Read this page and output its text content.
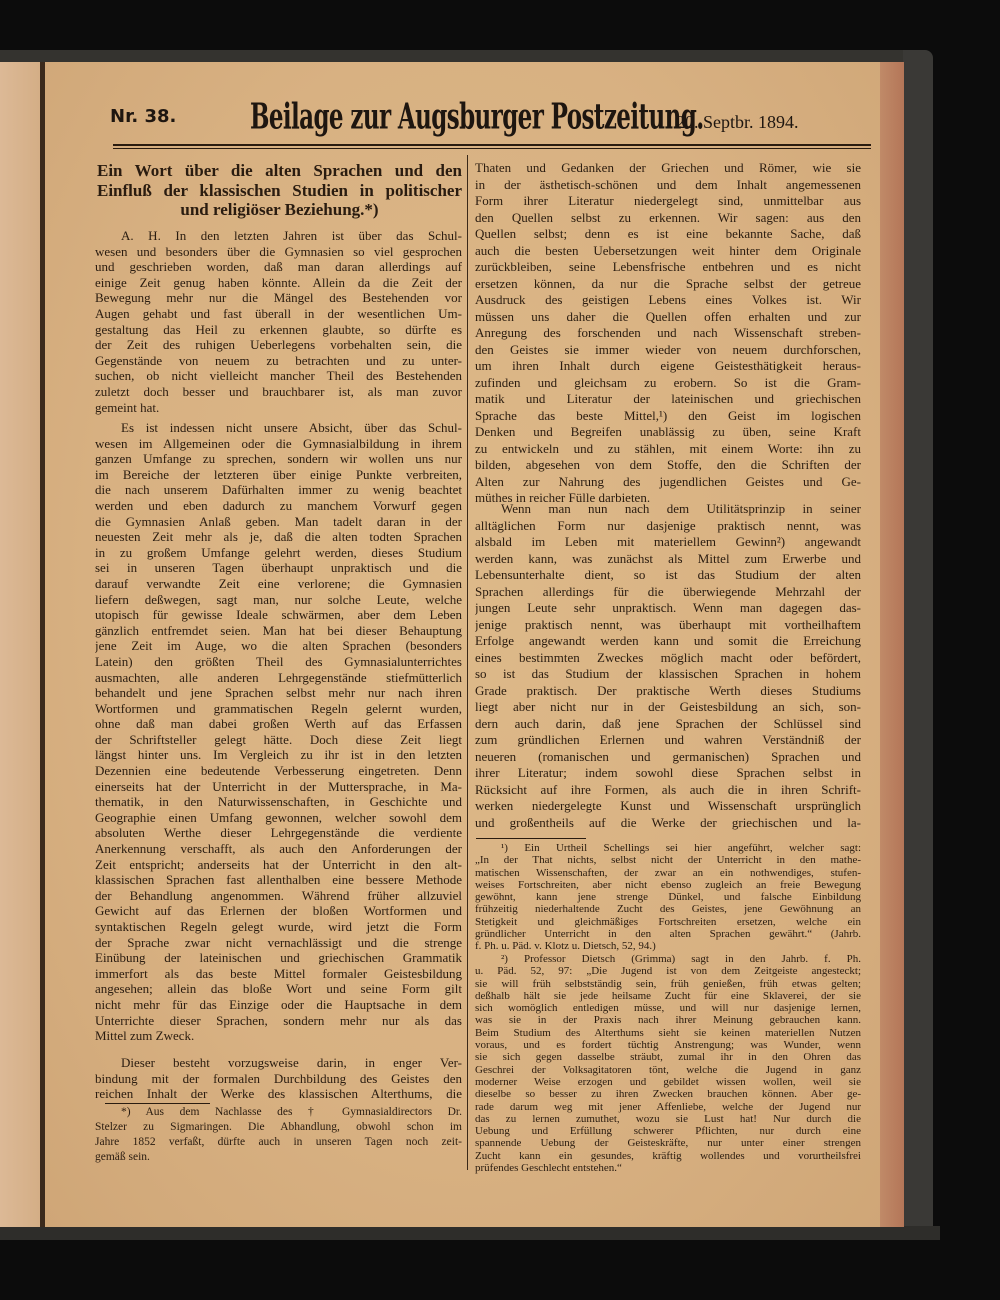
Nr. 38.	Beilage zur Augsburger Postzeitung.
20. Septbr. 1894.
Ein Wort über die alten Sprachen und den
Einfluß der klassischen Studien in politischer
und religiöser Beziehung.*)
A. H. In den letzten Jahren ist über das Schul-
wesen und besonders über die Gymnasien so viel gesprochen
und geschrieben worden, daß man daran allerdings auf
einige Zeit genug haben könnte. Allein da die Zeit der
Bewegung mehr nur die Mängel des Bestehenden vor
Augen gehabt und fast überall in der wesentlichen Um-
gestaltung das Heil zu erkennen glaubte, so dürfte es
der Zeit des ruhigen Ueberlegens vorbehalten sein, die
Gegenstände von neuem zu betrachten und zu unter-
suchen, ob nicht vielleicht mancher Theil des Bestehenden
zuletzt doch besser und brauchbarer ist, als man zuvor
gemeint hat.
Es ist indessen nicht unsere Absicht, über das Schul-
wesen im Allgemeinen oder die Gymnasialbildung in ihrem
ganzen Umfange zu sprechen, sondern wir wollen uns nur
im Bereiche der letzteren über einige Punkte verbreiten,
die nach unserem Dafürhalten immer zu wenig beachtet
werden und eben dadurch zu manchem Vorwurf gegen
die Gymnasien Anlaß geben. Man tadelt daran in der
neuesten Zeit mehr als je, daß die alten todten Sprachen
in zu großem Umfange gelehrt werden, dieses Studium
sei in unseren Tagen überhaupt unpraktisch und die
darauf verwandte Zeit eine verlorene; die Gymnasien
liefern deßwegen, sagt man, nur solche Leute, welche
utopisch für gewisse Ideale schwärmen, aber dem Leben
gänzlich entfremdet seien. Man hat bei dieser Behauptung
jene Zeit im Auge, wo die alten Sprachen (besonders
Latein) den größten Theil des Gymnasialunterrichtes
ausmachten, alle anderen Lehrgegenstände stiefmütterlich
behandelt und jene Sprachen selbst mehr nur nach ihren
Wortformen und grammatischen Regeln gelernt wurden,
ohne daß man dabei großen Werth auf das Erfassen
der Schriftsteller gelegt hätte. Doch diese Zeit liegt
längst hinter uns. Im Vergleich zu ihr ist in den letzten
Dezennien eine bedeutende Verbesserung eingetreten. Denn
einerseits hat der Unterricht in der Muttersprache, in Ma-
thematik, in den Naturwissenschaften, in Geschichte und
Geographie einen Umfang gewonnen, welcher sowohl dem
absoluten Werthe dieser Lehrgegenstände die verdiente
Anerkennung verschafft, als auch den Anforderungen der
Zeit entspricht; anderseits hat der Unterricht in den alt-
klassischen Sprachen fast allenthalben eine bessere Methode
der Behandlung angenommen. Während früher allzuviel
Gewicht auf das Erlernen der bloßen Wortformen und
syntaktischen Regeln gelegt wurde, wird jetzt die Form
der Sprache zwar nicht vernachlässigt und die strenge
Einübung der lateinischen und griechischen Grammatik
immerfort als das beste Mittel formaler Geistesbildung
angesehen; allein das bloße Wort und seine Form gilt
nicht mehr für das Einzige oder die Hauptsache in dem
Unterrichte dieser Sprachen, sondern mehr nur als das
Mittel zum Zweck.
Dieser besteht vorzugsweise darin, in enger Ver-
bindung mit der formalen Durchbildung des Geistes den
reichen Inhalt der Werke des klassischen Alterthums, die
*) Aus dem Nachlasse des † Gymnasialdirectors Dr.
Stelzer zu Sigmaringen. Die Abhandlung, obwohl schon im
Jahre 1852 verfaßt, dürfte auch in unseren Tagen noch zeit-
gemäß sein.
Thaten und Gedanken der Griechen und Römer, wie sie
in der ästhetisch-schönen und dem Inhalt angemessenen
Form ihrer Literatur niedergelegt sind, unmittelbar aus
den Quellen selbst zu erkennen. Wir sagen: aus den
Quellen selbst; denn es ist eine bekannte Sache, daß
auch die besten Uebersetzungen weit hinter dem Originale
zurückbleiben, seine Lebensfrische entbehren und es nicht
ersetzen können, da nur die Sprache selbst der getreue
Ausdruck des geistigen Lebens eines Volkes ist. Wir
müssen uns daher die Quellen offen erhalten und zur
Anregung des forschenden und nach Wissenschaft streben-
den Geistes sie immer wieder von neuem durchforschen,
um ihren Inhalt durch eigene Geistesthätigkeit heraus-
zufinden und gleichsam zu erobern. So ist die Gram-
matik und Literatur der lateinischen und griechischen
Sprache das beste Mittel,¹) den Geist im logischen
Denken und Begreifen unablässig zu üben, seine Kraft
zu entwickeln und zu stählen, mit einem Worte: ihn zu
bilden, abgesehen von dem Stoffe, den die Schriften der
Alten zur Nahrung des jugendlichen Geistes und Ge-
müthes in reicher Fülle darbieten.
Wenn man nun nach dem Utilitätsprinzip in seiner
alltäglichen Form nur dasjenige praktisch nennt, was
alsbald im Leben mit materiellem Gewinn²) angewandt
werden kann, was zunächst als Mittel zum Erwerbe und
Lebensunterhalte dient, so ist das Studium der alten
Sprachen allerdings für die überwiegende Mehrzahl der
jungen Leute sehr unpraktisch. Wenn man dagegen das-
jenige praktisch nennt, was überhaupt mit vortheilhaftem
Erfolge angewandt werden kann und somit die Erreichung
eines bestimmten Zweckes möglich macht oder befördert,
so ist das Studium der klassischen Sprachen in hohem
Grade praktisch. Der praktische Werth dieses Studiums
liegt aber nicht nur in der Geistesbildung an sich, son-
dern auch darin, daß jene Sprachen der Schlüssel sind
zum gründlichen Erlernen und wahren Verständniß der
neueren (romanischen und germanischen) Sprachen und
ihrer Literatur; indem sowohl diese Sprachen selbst in
Rücksicht auf ihre Formen, als auch die in ihren Schrift-
werken niedergelegte Kunst und Wissenschaft ursprünglich
und großentheils auf die Werke der griechischen und la-
¹) Ein Urtheil Schellings sei hier angeführt, welcher sagt:
„In der That nichts, selbst nicht der Unterricht in den mathe-
matischen Wissenschaften, der zwar an ein nothwendiges, stufen-
weises Fortschreiten, aber nicht ebenso zugleich an freie Bewegung
gewöhnt, kann jene strenge Dünkel, und falsche Einbildung
frühzeitig niederhaltende Zucht des Geistes, jene Gewöhnung an
Stetigkeit und gleichmäßiges Fortschreiten ersetzen, welche ein
gründlicher Unterricht in den alten Sprachen gewährt.“ (Jahrb.
f. Ph. u. Päd. v. Klotz u. Dietsch, 52, 94.)
²) Professor Dietsch (Grimma) sagt in den Jahrb. f. Ph.
u. Päd. 52, 97: „Die Jugend ist von dem Zeitgeiste angesteckt;
sie will früh selbstständig sein, früh genießen, früh etwas gelten;
deßhalb hält sie jede heilsame Zucht für eine Sklaverei, der sie
sich womöglich entledigen müsse, und will nur dasjenige lernen,
was sie in der Praxis nach ihrer Meinung gebrauchen kann.
Beim Studium des Alterthums sieht sie keinen materiellen Nutzen
voraus, und es fordert tüchtig Anstrengung; was Wunder, wenn
sie sich gegen dasselbe sträubt, zumal ihr in den Ohren das
Geschrei der Volksagitatoren tönt, welche die Jugend in ganz
moderner Weise erzogen und gebildet wissen wollen, weil sie
dieselbe so besser zu ihren Zwecken brauchen können. Aber ge-
rade darum weg mit jener Affenliebe, welche der Jugend nur
das zu lernen zumuthet, wozu sie Lust hat! Nur durch die
Uebung und Erfüllung schwerer Pflichten, nur durch eine
spannende Uebung der Geisteskräfte, nur unter einer strengen
Zucht kann ein gesundes, kräftig wollendes und vorurtheilsfrei
prüfendes Geschlecht entstehen.“
